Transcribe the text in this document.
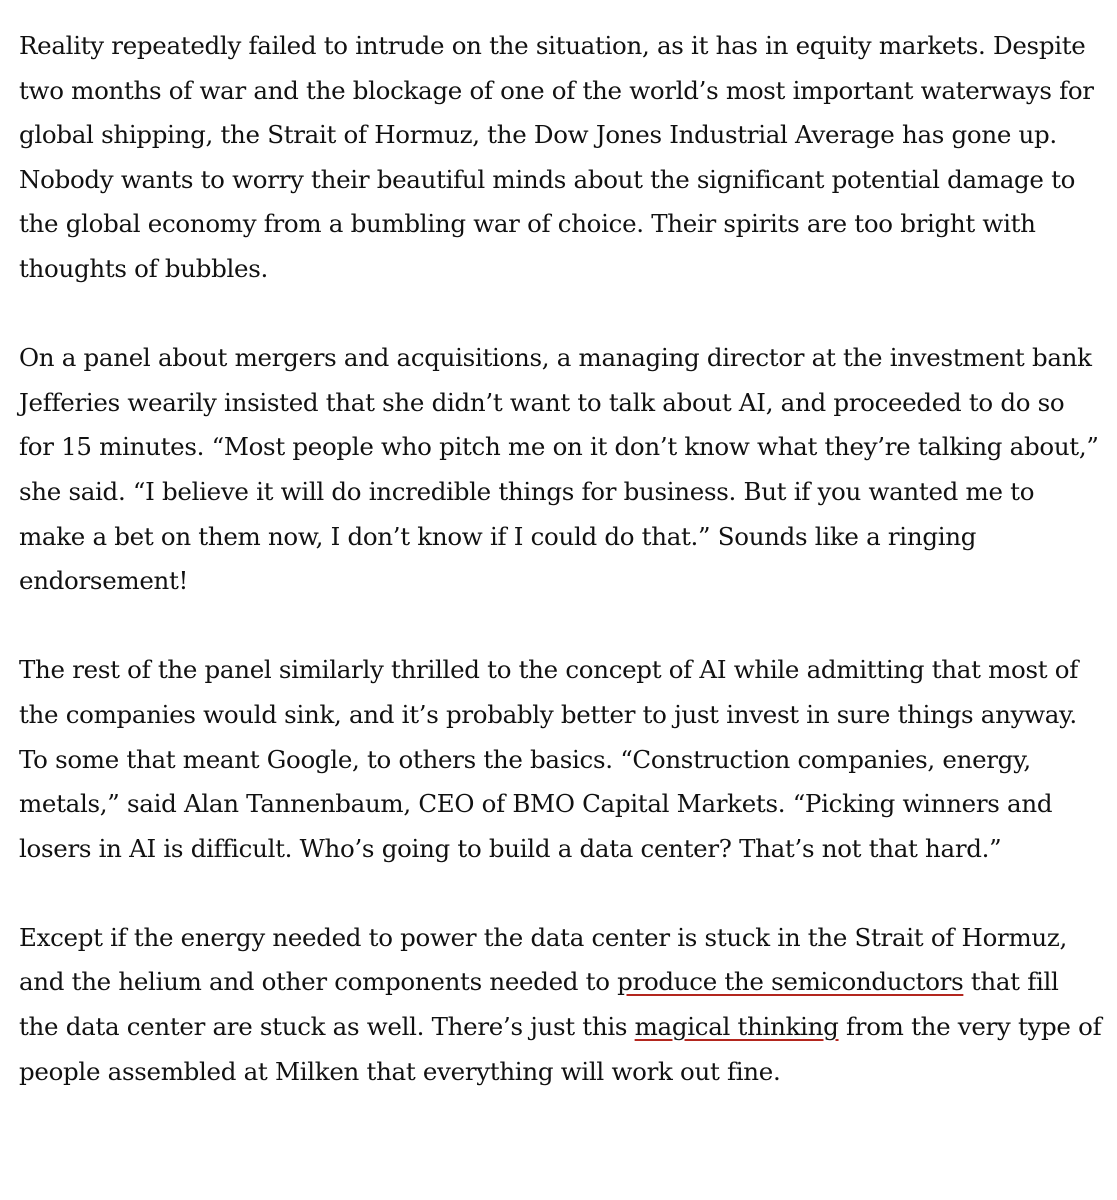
Reality repeatedly failed to intrude on the situation, as it has in equity markets. Despite two months of war and the blockage of one of the world’s most important waterways for global shipping, the Strait of Hormuz, the Dow Jones Industrial Average has gone up. Nobody wants to worry their beautiful minds about the significant potential damage to the global economy from a bumbling war of choice. Their spirits are too bright with thoughts of bubbles.

On a panel about mergers and acquisitions, a managing director at the investment bank Jefferies wearily insisted that she didn’t want to talk about AI, and proceeded to do so for 15 minutes. “Most people who pitch me on it don’t know what they’re talking about,” she said. “I believe it will do incredible things for business. But if you wanted me to make a bet on them now, I don’t know if I could do that.” Sounds like a ringing endorsement!

The rest of the panel similarly thrilled to the concept of AI while admitting that most of the companies would sink, and it’s probably better to just invest in sure things anyway. To some that meant Google, to others the basics. “Construction companies, energy, metals,” said Alan Tannenbaum, CEO of BMO Capital Markets. “Picking winners and losers in AI is difficult. Who’s going to build a data center? That’s not that hard.”

Except if the energy needed to power the data center is stuck in the Strait of Hormuz, and the helium and other components needed to produce the semiconductors that fill the data center are stuck as well. There’s just this magical thinking from the very type of people assembled at Milken that everything will work out fine.
